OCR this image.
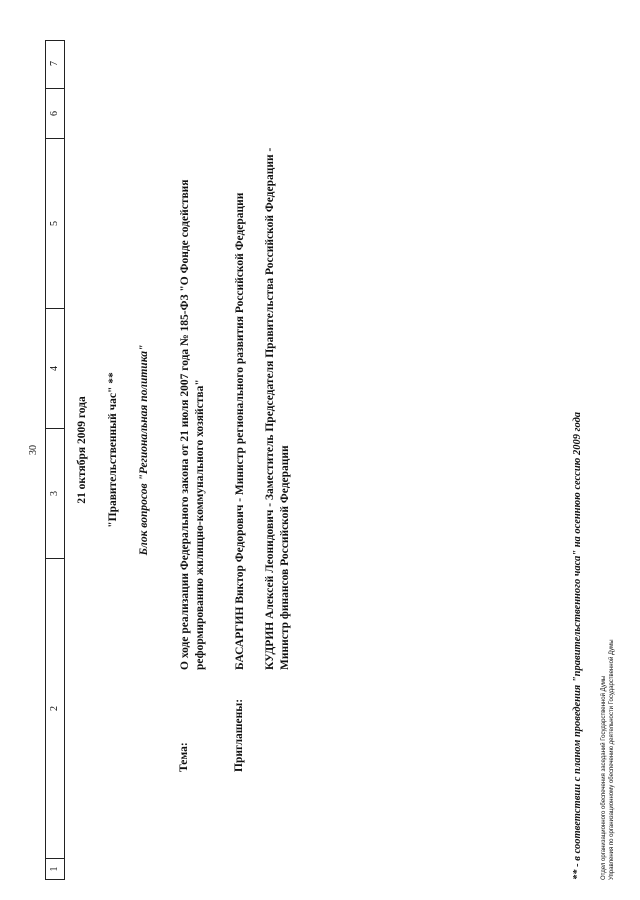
30
1
2
3
4
5
6
7
21 октября 2009 года "Правительственный час" ** Блок вопросов "Региональная политика"
Тема:
О ходе реализации Федерального закона от 21 июля 2007 года № 185-ФЗ "О Фонде содействия реформированию жилищно-коммунального хозяйства"
Приглашены:
БАСАРГИН Виктор Федорович - Министр регионального развития Российской Федерации КУДРИН Алексей Леонидович - Заместитель Председателя Правительства Российской Федерации - Министр финансов Российской Федерации	** - в соответствии с планом проведения "правительственного часа" на осеннюю сессию 2009 года	Отдел организационного обеспечения заседаний Государственной Думы Управления по организационному обеспечению деятельности Государственной Думы
